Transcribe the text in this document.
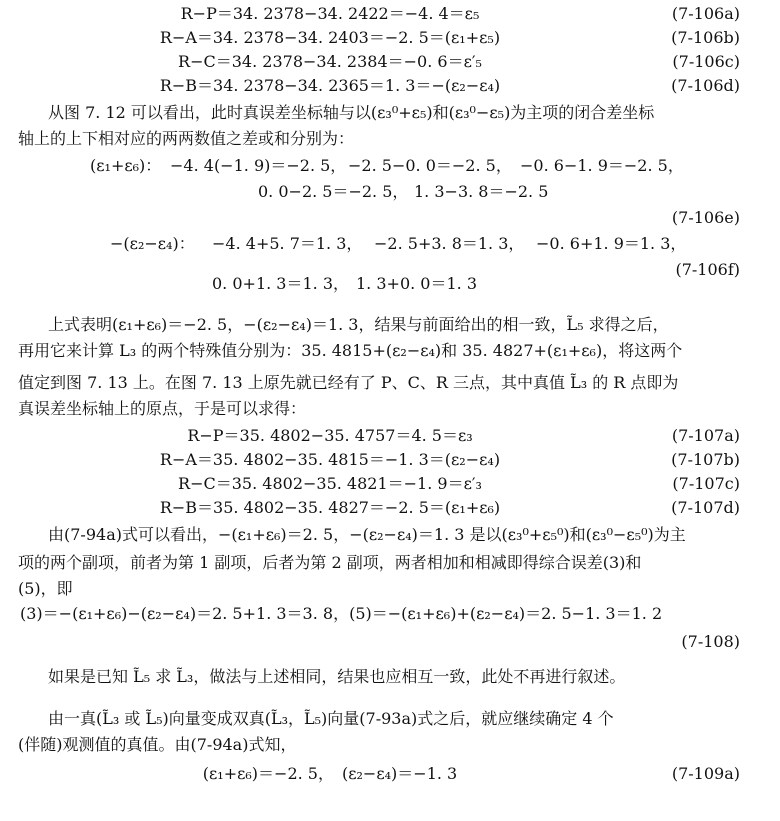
R−P＝34. 2378−34. 2422＝−4. 4＝ε₅	(7-106a)
R−A＝34. 2378−34. 2403＝−2. 5＝(ε₁+ε₅)	(7-106b)
R−C＝34. 2378−34. 2384＝−0. 6＝ε′₅	(7-106c)
R−B＝34. 2378−34. 2365＝1. 3＝−(ε₂−ε₄)	(7-106d)
从图 7. 12 可以看出，此时真误差坐标轴与以(ε₃⁰+ε₅)和(ε₃⁰−ε₅)为主项的闭合差坐标
轴上的上下相对应的两两数值之差或和分别为：
(ε₁+ε₆)： −4. 4(−1. 9)＝−2. 5， −2. 5−0. 0＝−2. 5， −0. 6−1. 9＝−2. 5，
0. 0−2. 5＝−2. 5， 1. 3−3. 8＝−2. 5
(7-106e)
−(ε₂−ε₄)： −4. 4+5. 7＝1. 3， −2. 5+3. 8＝1. 3， −0. 6+1. 9＝1. 3，
(7-106f)
0. 0+1. 3＝1. 3， 1. 3+0. 0＝1. 3
上式表明(ε₁+ε₆)＝−2. 5，−(ε₂−ε₄)＝1. 3，结果与前面给出的相一致，L̃₅ 求得之后，
再用它来计算 L₃ 的两个特殊值分别为：35. 4815+(ε₂−ε₄)和 35. 4827+(ε₁+ε₆)，将这两个
值定到图 7. 13 上。在图 7. 13 上原先就已经有了 P、C、R 三点，其中真值 L̃₃ 的 R 点即为
真误差坐标轴上的原点，于是可以求得：
R−P＝35. 4802−35. 4757＝4. 5＝ε₃	(7-107a)
R−A＝35. 4802−35. 4815＝−1. 3＝(ε₂−ε₄)	(7-107b)
R−C＝35. 4802−35. 4821＝−1. 9＝ε′₃	(7-107c)
R−B＝35. 4802−35. 4827＝−2. 5＝(ε₁+ε₆)	(7-107d)
由(7-94a)式可以看出，−(ε₁+ε₆)＝2. 5，−(ε₂−ε₄)＝1. 3 是以(ε₃⁰+ε₅⁰)和(ε₃⁰−ε₅⁰)为主
项的两个副项，前者为第 1 副项，后者为第 2 副项，两者相加和相减即得综合误差(3)和
(5)，即
(3)＝−(ε₁+ε₆)−(ε₂−ε₄)＝2. 5+1. 3＝3. 8，(5)＝−(ε₁+ε₆)+(ε₂−ε₄)＝2. 5−1. 3＝1. 2
(7-108)
如果是已知 L̃₅ 求 L̃₃，做法与上述相同，结果也应相互一致，此处不再进行叙述。
由一真(L̃₃ 或 L̃₅)向量变成双真(L̃₃，L̃₅)向量(7-93a)式之后，就应继续确定 4 个
(伴随)观测值的真值。由(7-94a)式知，
(ε₁+ε₆)＝−2. 5，　(ε₂−ε₄)＝−1. 3	(7-109a)
